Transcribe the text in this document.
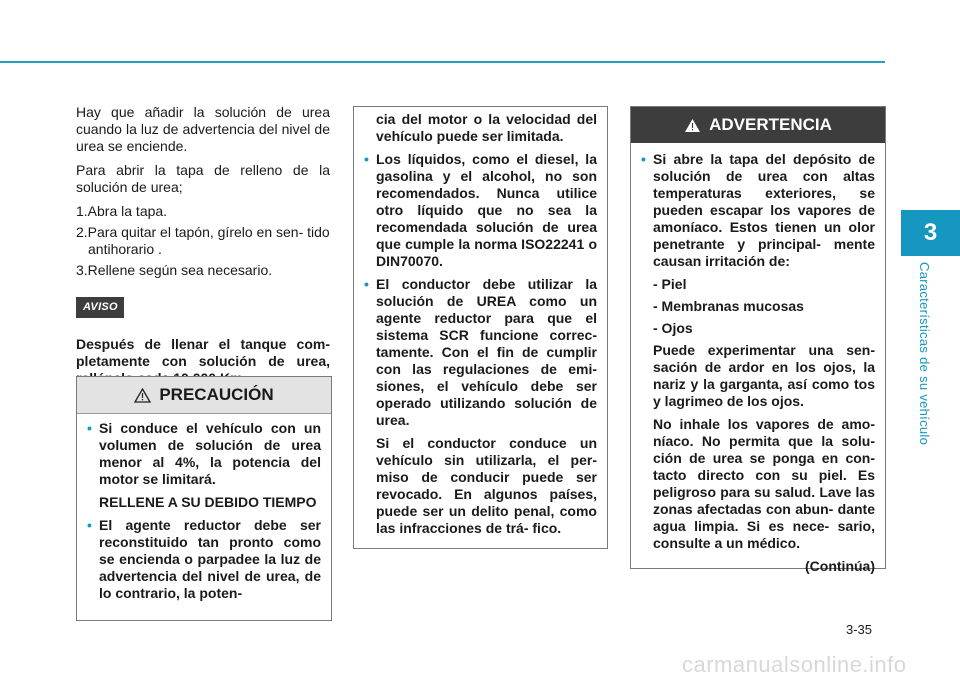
3
Características de su vehículo

Hay que añadir la solución de urea cuando la luz de advertencia del nivel de urea se enciende.

Para abrir la tapa de relleno de la solución de urea;

1.Abra la tapa.

2.Para quitar el tapón, gírelo en sen- tido antihorario .

3.Rellene según sea necesario.

AVISO

Después de llenar el tanque com- pletamente con solución de urea,

PRECAUCIÓN
• Si conduce el vehículo con un volumen de solución de urea menor al 4%, la potencia del motor se limitará.
RELLENE A SU DEBIDO TIEMPO
• El agente reductor debe ser reconstituido tan pronto como se encienda o parpadee la luz de advertencia del nivel de urea, de lo contrario, la poten-
cia del motor o la velocidad del vehículo puede ser limitada.
• Los líquidos, como el diesel, la gasolina y el alcohol, no son recomendados. Nunca utilice otro líquido que no sea la recomendada solución de urea que cumple la norma ISO22241 o DIN70070.
• El conductor debe utilizar la solución de UREA como un agente reductor para que el sistema SCR funcione correc- tamente. Con el fin de cumplir con las regulaciones de emi- siones, el vehículo debe ser operado utilizando solución de urea.
Si el conductor conduce un vehículo sin utilizarla, el per- miso de conducir puede ser revocado. En algunos países, puede ser un delito penal, como las infracciones de trá- fico.
ADVERTENCIA
• Si abre la tapa del depósito de solución de urea con altas temperaturas exteriores, se pueden escapar los vapores de amoníaco. Estos tienen un olor penetrante y principal- mente causan irritación de:
- Piel
- Membranas mucosas
- Ojos
Puede experimentar una sen- sación de ardor en los ojos, la nariz y la garganta, así como tos y lagrimeo de los ojos.
No inhale los vapores de amo- níaco. No permita que la solu- ción de urea se ponga en con- tacto directo con su piel. Es peligroso para su salud. Lave las zonas afectadas con abun- dante agua limpia. Si es nece- sario, consulte a un médico.
(Continúa)
3-35
carmanualsonline.info
